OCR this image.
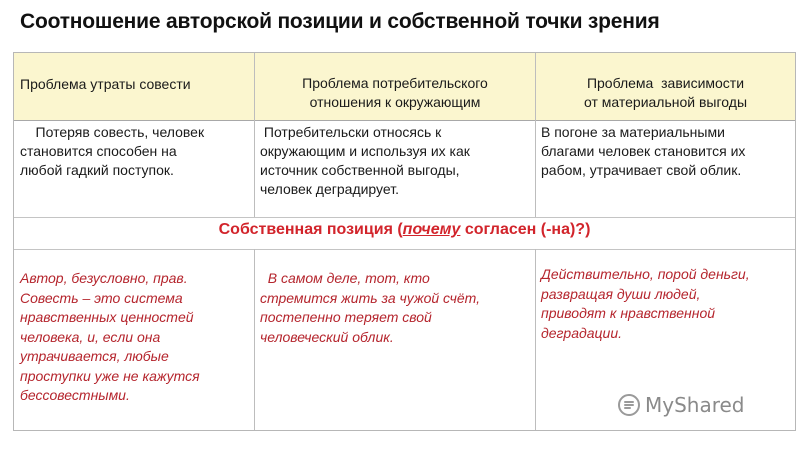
Соотношение авторской позиции и собственной точки зрения
Проблема утраты совести	Проблема потребительского
отношения к окружающим
Проблема  зависимости
от материальной выгоды
Потеряв совесть, человек
становится способен на
любой гадкий поступок.
Потребительски относясь к
окружающим и используя их как
источник собственной выгоды,
человек деградирует.
В погоне за материальными
благами человек становится их
рабом, утрачивает свой облик.
Собственная позиция (почему согласен (-на)?)
Автор, безусловно, прав.
Совесть – это система
нравственных ценностей
человека, и, если она
утрачивается, любые
проступки уже не кажутся
бессовестными.
В самом деле, тот, кто
стремится жить за чужой счёт,
постепенно теряет свой
человеческий облик.
Действительно, порой деньги,
развращая души людей,
приводят к нравственной
деградации.
MyShared
